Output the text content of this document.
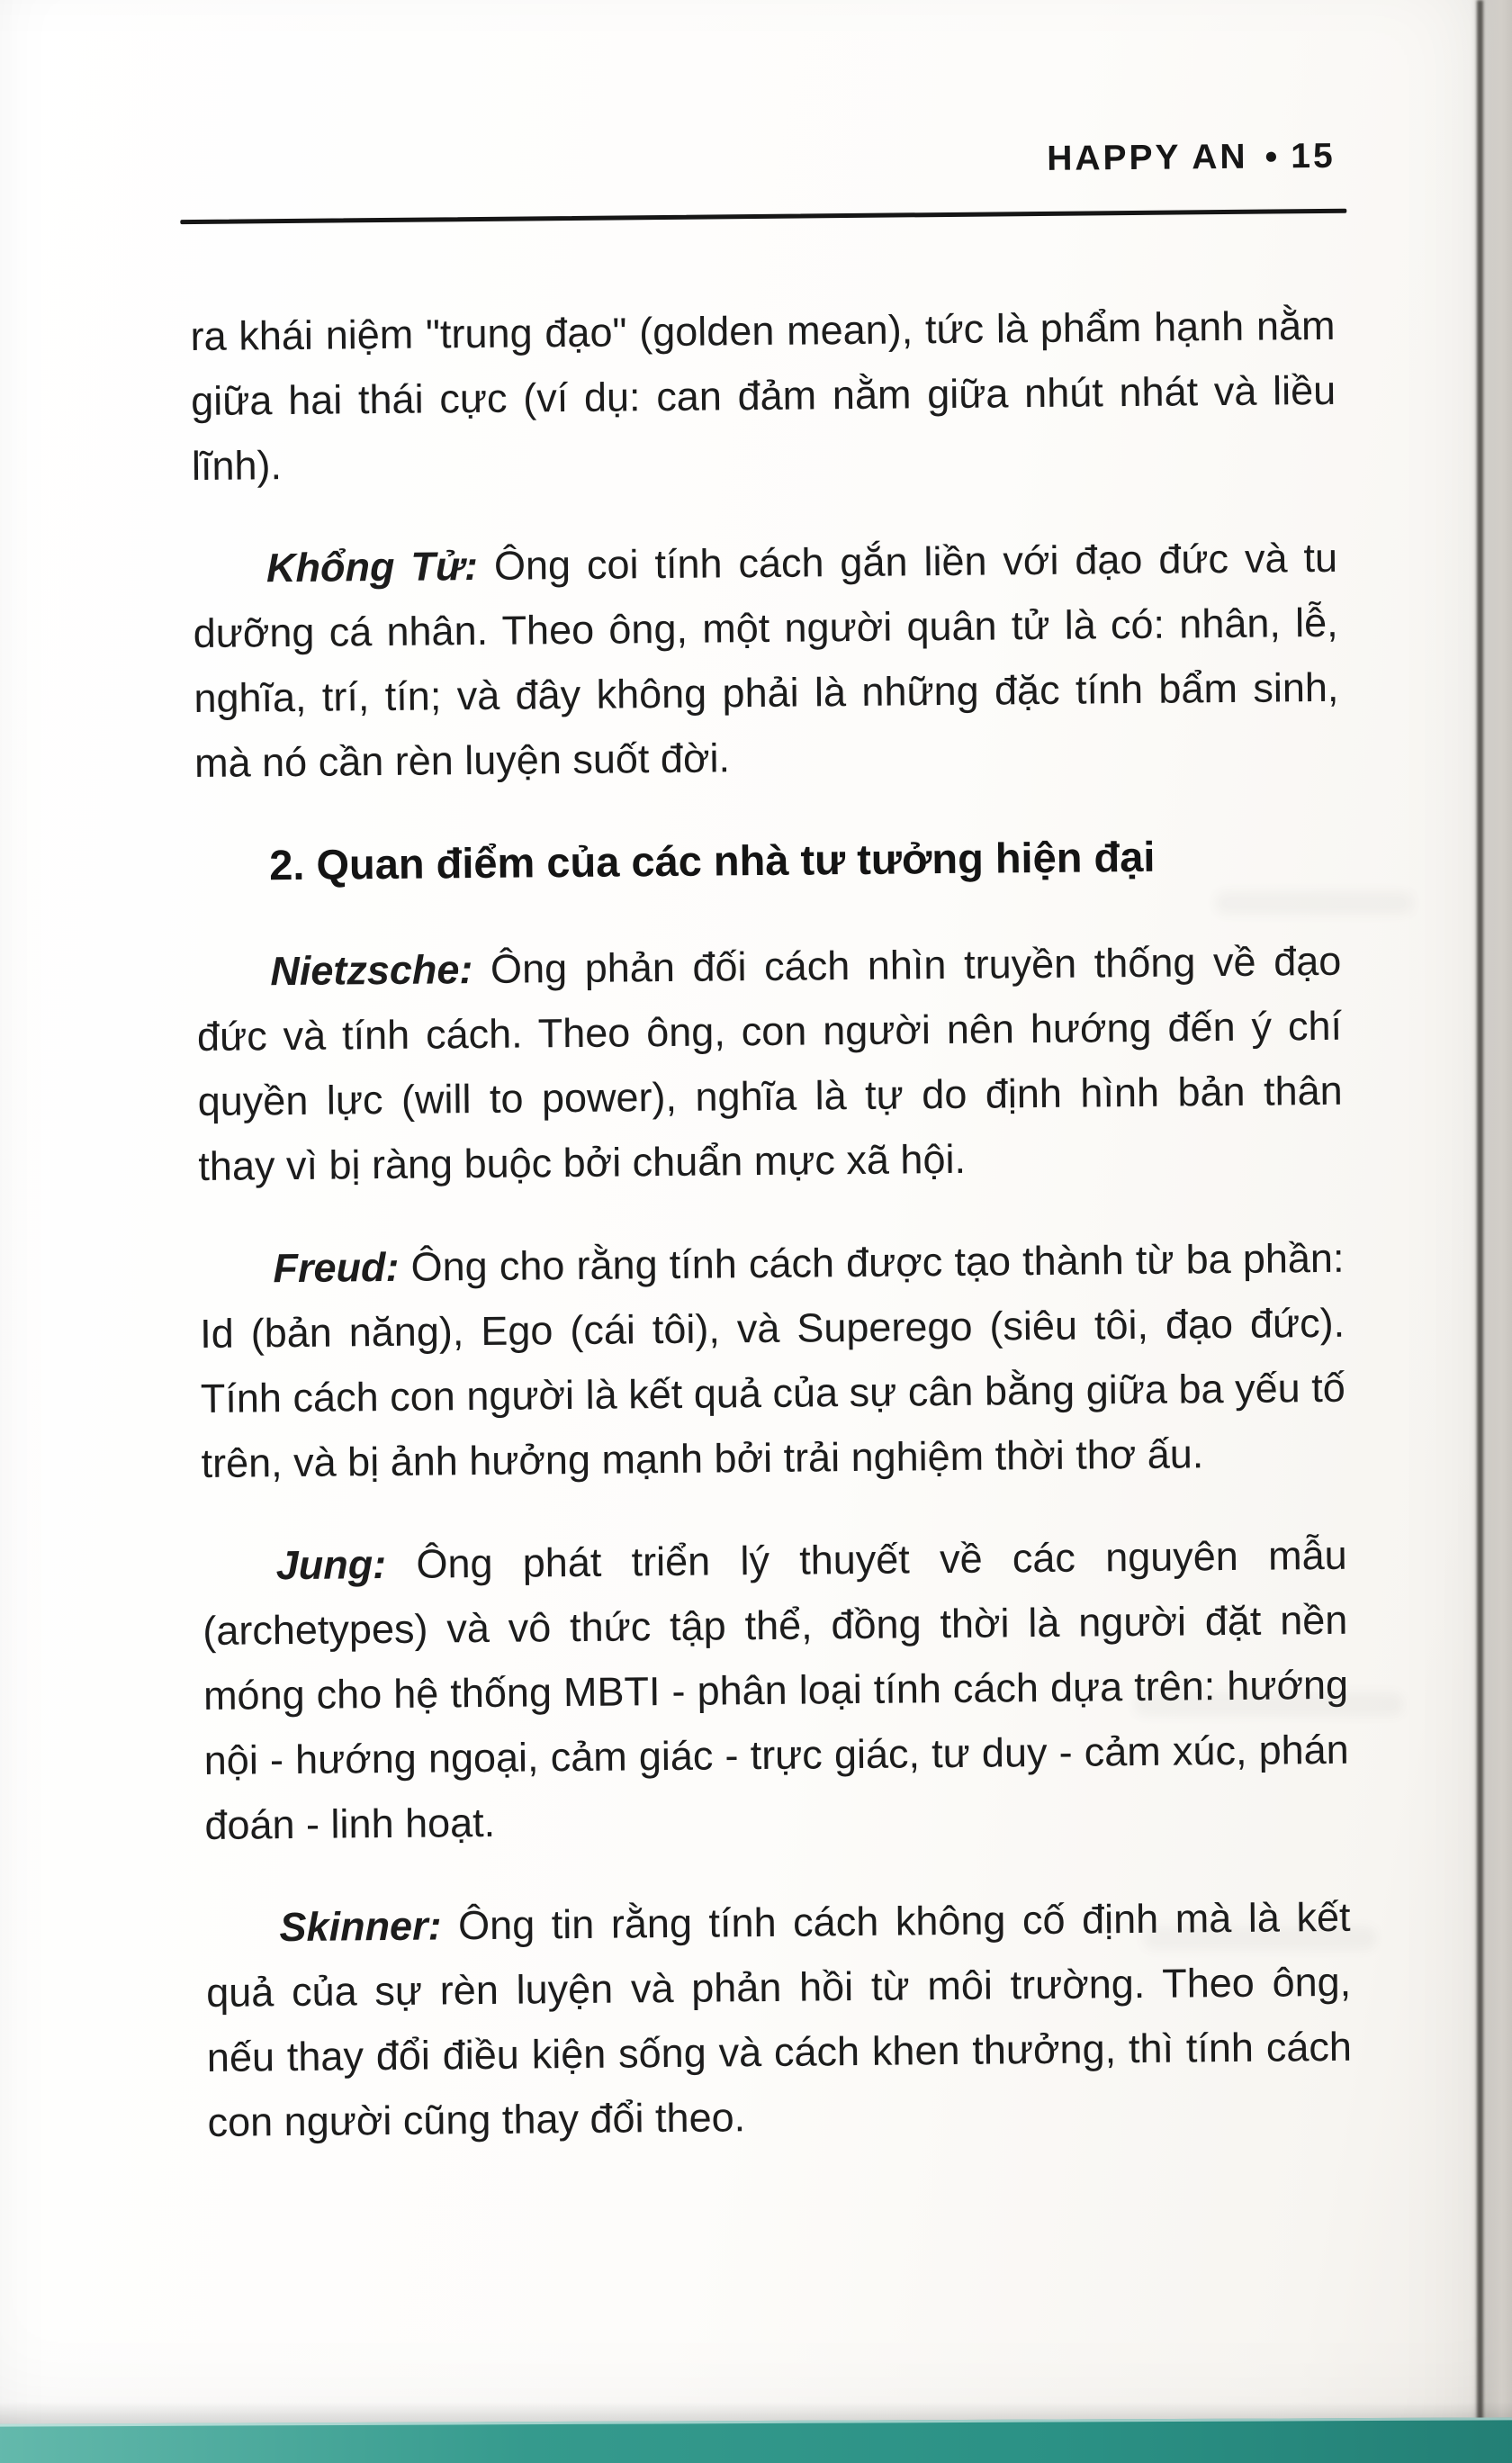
HAPPY AN ● 15

ra khái niệm "trung đạo" (golden mean), tức là phẩm hạnh nằm giữa hai thái cực (ví dụ: can đảm nằm giữa nhút nhát và liều lĩnh).

Khổng Tử: Ông coi tính cách gắn liền với đạo đức và tu dưỡng cá nhân. Theo ông, một người quân tử là có: nhân, lễ, nghĩa, trí, tín; và đây không phải là những đặc tính bẩm sinh, mà nó cần rèn luyện suốt đời.

2. Quan điểm của các nhà tư tưởng hiện đại

Nietzsche: Ông phản đối cách nhìn truyền thống về đạo đức và tính cách. Theo ông, con người nên hướng đến ý chí quyền lực (will to power), nghĩa là tự do định hình bản thân thay vì bị ràng buộc bởi chuẩn mực xã hội.

Freud: Ông cho rằng tính cách được tạo thành từ ba phần: Id (bản năng), Ego (cái tôi), và Superego (siêu tôi, đạo đức). Tính cách con người là kết quả của sự cân bằng giữa ba yếu tố trên, và bị ảnh hưởng mạnh bởi trải nghiệm thời thơ ấu.

Jung: Ông phát triển lý thuyết về các nguyên mẫu (archetypes) và vô thức tập thể, đồng thời là người đặt nền móng cho hệ thống MBTI - phân loại tính cách dựa trên: hướng nội - hướng ngoại, cảm giác - trực giác, tư duy - cảm xúc, phán đoán - linh hoạt.

Skinner: Ông tin rằng tính cách không cố định mà là kết quả của sự rèn luyện và phản hồi từ môi trường. Theo ông, nếu thay đổi điều kiện sống và cách khen thưởng, thì tính cách con người cũng thay đổi theo.
